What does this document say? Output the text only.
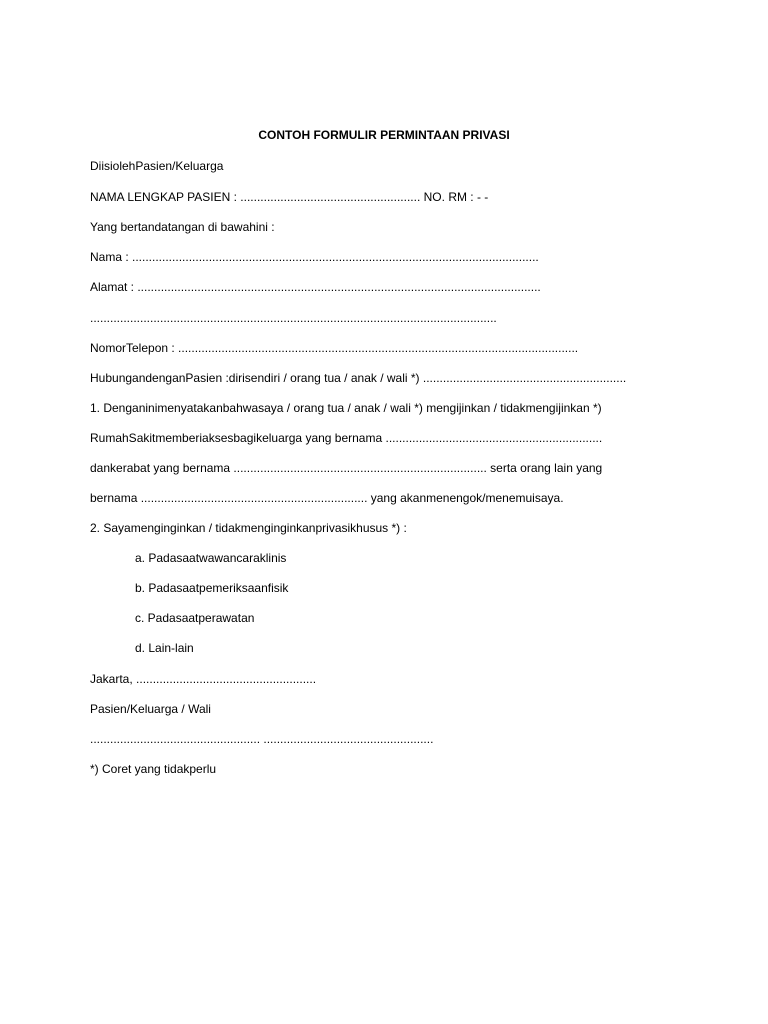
CONTOH FORMULIR PERMINTAAN PRIVASI
DiisiolehPasien/Keluarga
NAMA LENGKAP PASIEN : ...................................................... NO. RM : - -
Yang bertandatangan di bawahini :
Nama : ..........................................................................................................................
Alamat : .........................................................................................................................
..........................................................................................................................
NomorTelepon : ........................................................................................................................
HubungandenganPasien :dirisendiri / orang tua / anak / wali *) .............................................................
1. Denganinimenyatakanbahwasaya / orang tua / anak / wali *) mengijinkan / tidakmengijinkan *)
RumahSakitmemberiaksesbagikeluarga yang bernama .................................................................
dankerabat yang bernama ............................................................................ serta orang lain yang
bernama .................................................................... yang akanmenengok/menemuisaya.
2. Sayamenginginkan / tidakmenginginkanprivasikhusus *) :
a. Padasaatwawancaraklinis
b. Padasaatpemeriksaanfisik
c. Padasaatperawatan
d. Lain-lain
Jakarta, ......................................................
Pasien/Keluarga / Wali
................................................... ...................................................
*) Coret yang tidakperlu
